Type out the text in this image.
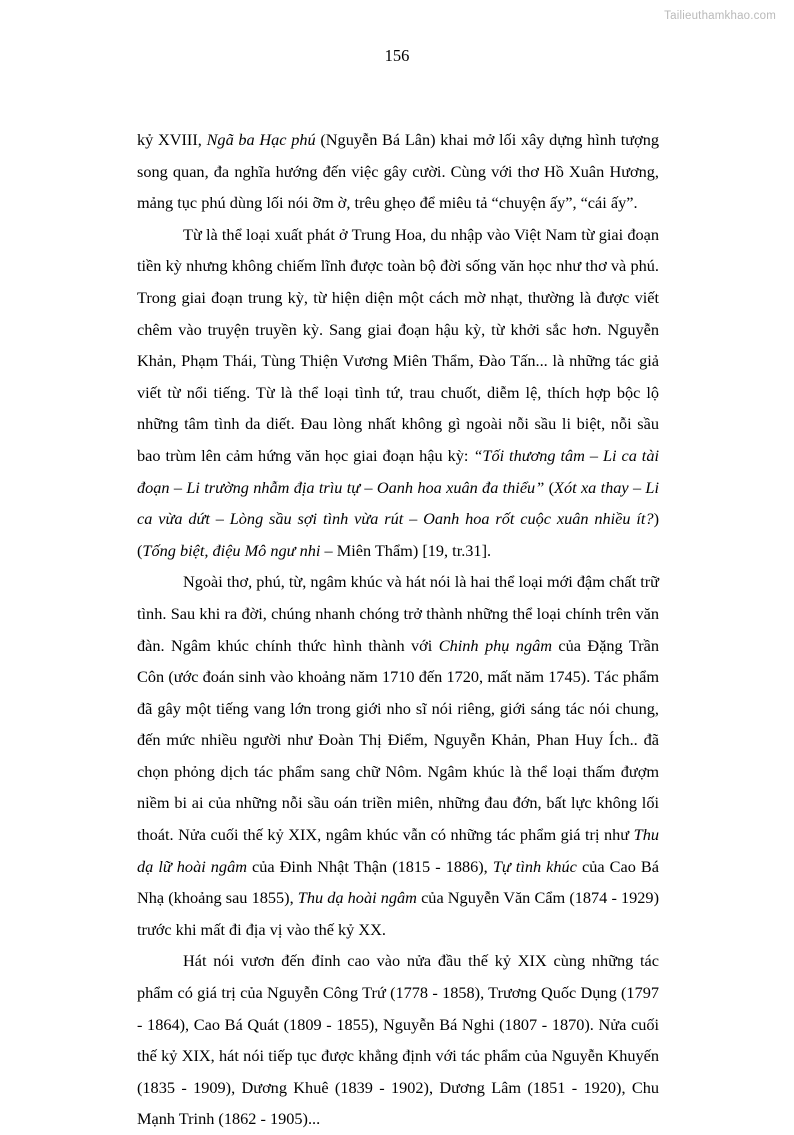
Tailieuthamkhao.com
156

kỷ XVIII, Ngã ba Hạc phú (Nguyễn Bá Lân) khai mở lối xây dựng hình tượng song quan, đa nghĩa hướng đến việc gây cười. Cùng với thơ Hồ Xuân Hương, mảng tục phú dùng lối nói ỡm ờ, trêu ghẹo để miêu tả “chuyện ấy”, “cái ấy”.

Từ là thể loại xuất phát ở Trung Hoa, du nhập vào Việt Nam từ giai đoạn tiền kỳ nhưng không chiếm lĩnh được toàn bộ đời sống văn học như thơ và phú. Trong giai đoạn trung kỳ, từ hiện diện một cách mờ nhạt, thường là được viết chêm vào truyện truyền kỳ. Sang giai đoạn hậu kỳ, từ khởi sắc hơn. Nguyễn Khản, Phạm Thái, Tùng Thiện Vương Miên Thẩm, Đào Tấn... là những tác giả viết từ nổi tiếng. Từ là thể loại tình tứ, trau chuốt, diễm lệ, thích hợp bộc lộ những tâm tình da diết. Đau lòng nhất không gì ngoài nỗi sầu li biệt, nỗi sầu bao trùm lên cảm hứng văn học giai đoạn hậu kỳ: “Tối thương tâm – Li ca tài đoạn – Li trường nhẫm địa trìu tự – Oanh hoa xuân đa thiểu” (Xót xa thay – Li ca vừa dứt – Lòng sầu sợi tình vừa rút – Oanh hoa rốt cuộc xuân nhiều ít?) (Tống biệt, điệu Mô ngư nhi – Miên Thẩm) [19, tr.31].

Ngoài thơ, phú, từ, ngâm khúc và hát nói là hai thể loại mới đậm chất trữ tình. Sau khi ra đời, chúng nhanh chóng trở thành những thể loại chính trên văn đàn. Ngâm khúc chính thức hình thành với Chinh phụ ngâm của Đặng Trần Côn (ước đoán sinh vào khoảng năm 1710 đến 1720, mất năm 1745). Tác phẩm đã gây một tiếng vang lớn trong giới nho sĩ nói riêng, giới sáng tác nói chung, đến mức nhiều người như Đoàn Thị Điểm, Nguyễn Khản, Phan Huy Ích.. đã chọn phỏng dịch tác phẩm sang chữ Nôm. Ngâm khúc là thể loại thấm đượm niềm bi ai của những nỗi sầu oán triền miên, những đau đớn, bất lực không lối thoát. Nửa cuối thế kỷ XIX, ngâm khúc vẫn có những tác phẩm giá trị như Thu dạ lữ hoài ngâm của Đinh Nhật Thận (1815 - 1886), Tự tình khúc của Cao Bá Nhạ (khoảng sau 1855), Thu dạ hoài ngâm của Nguyễn Văn Cẩm (1874 - 1929) trước khi mất đi địa vị vào thế kỷ XX.

Hát nói vươn đến đỉnh cao vào nửa đầu thế kỷ XIX cùng những tác phẩm có giá trị của Nguyễn Công Trứ (1778 - 1858), Trương Quốc Dụng (1797 - 1864), Cao Bá Quát (1809 - 1855), Nguyễn Bá Nghi (1807 - 1870). Nửa cuối thế kỷ XIX, hát nói tiếp tục được khẳng định với tác phẩm của Nguyễn Khuyến (1835 - 1909), Dương Khuê (1839 - 1902), Dương Lâm (1851 - 1920), Chu Mạnh Trinh (1862 - 1905)...
